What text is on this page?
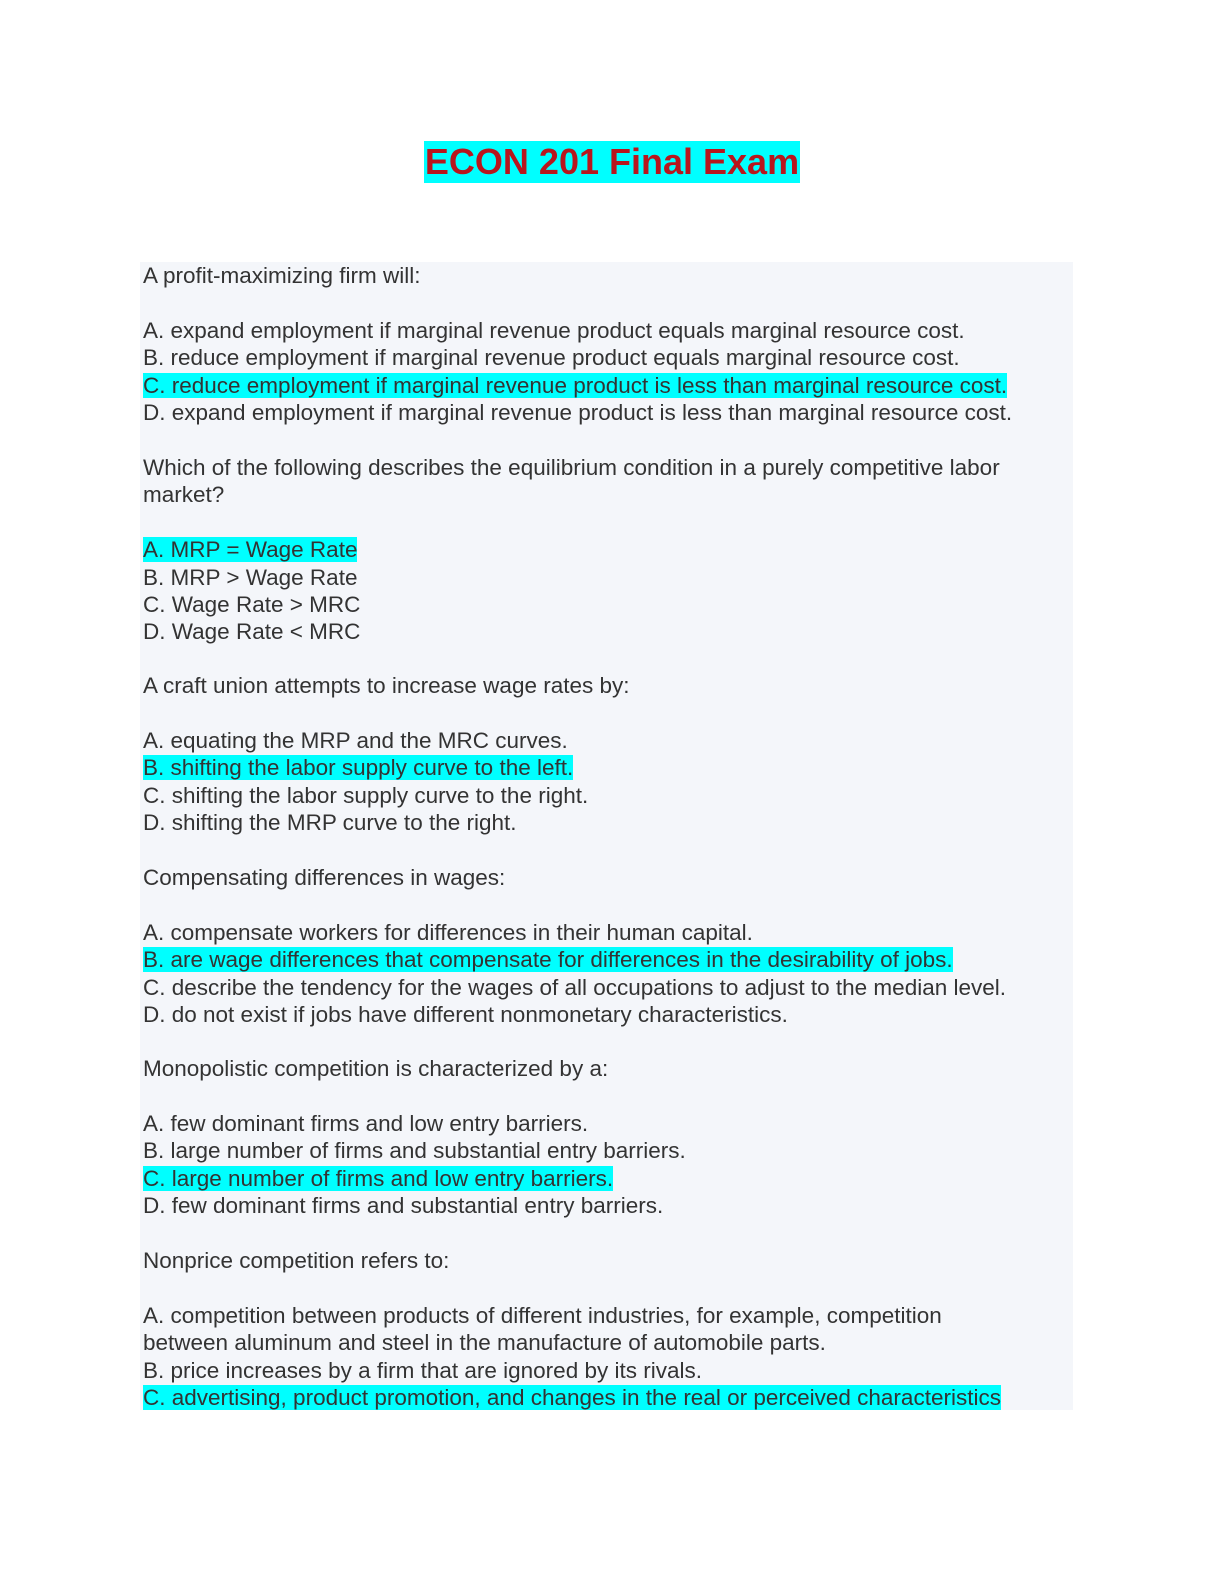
ECON 201 Final Exam
A profit-maximizing firm will:
A. expand employment if marginal revenue product equals marginal resource cost.
B. reduce employment if marginal revenue product equals marginal resource cost.
C. reduce employment if marginal revenue product is less than marginal resource cost.
D. expand employment if marginal revenue product is less than marginal resource cost.
Which of the following describes the equilibrium condition in a purely competitive labor
market?
A. MRP = Wage Rate
B. MRP > Wage Rate
C. Wage Rate > MRC
D. Wage Rate < MRC
A craft union attempts to increase wage rates by:
A. equating the MRP and the MRC curves.
B. shifting the labor supply curve to the left.
C. shifting the labor supply curve to the right.
D. shifting the MRP curve to the right.
Compensating differences in wages:
A. compensate workers for differences in their human capital.
B. are wage differences that compensate for differences in the desirability of jobs.
C. describe the tendency for the wages of all occupations to adjust to the median level.
D. do not exist if jobs have different nonmonetary characteristics.
Monopolistic competition is characterized by a:
A. few dominant firms and low entry barriers.
B. large number of firms and substantial entry barriers.
C. large number of firms and low entry barriers.
D. few dominant firms and substantial entry barriers.
Nonprice competition refers to:
A. competition between products of different industries, for example, competition
between aluminum and steel in the manufacture of automobile parts.
B. price increases by a firm that are ignored by its rivals.
C. advertising, product promotion, and changes in the real or perceived characteristics
